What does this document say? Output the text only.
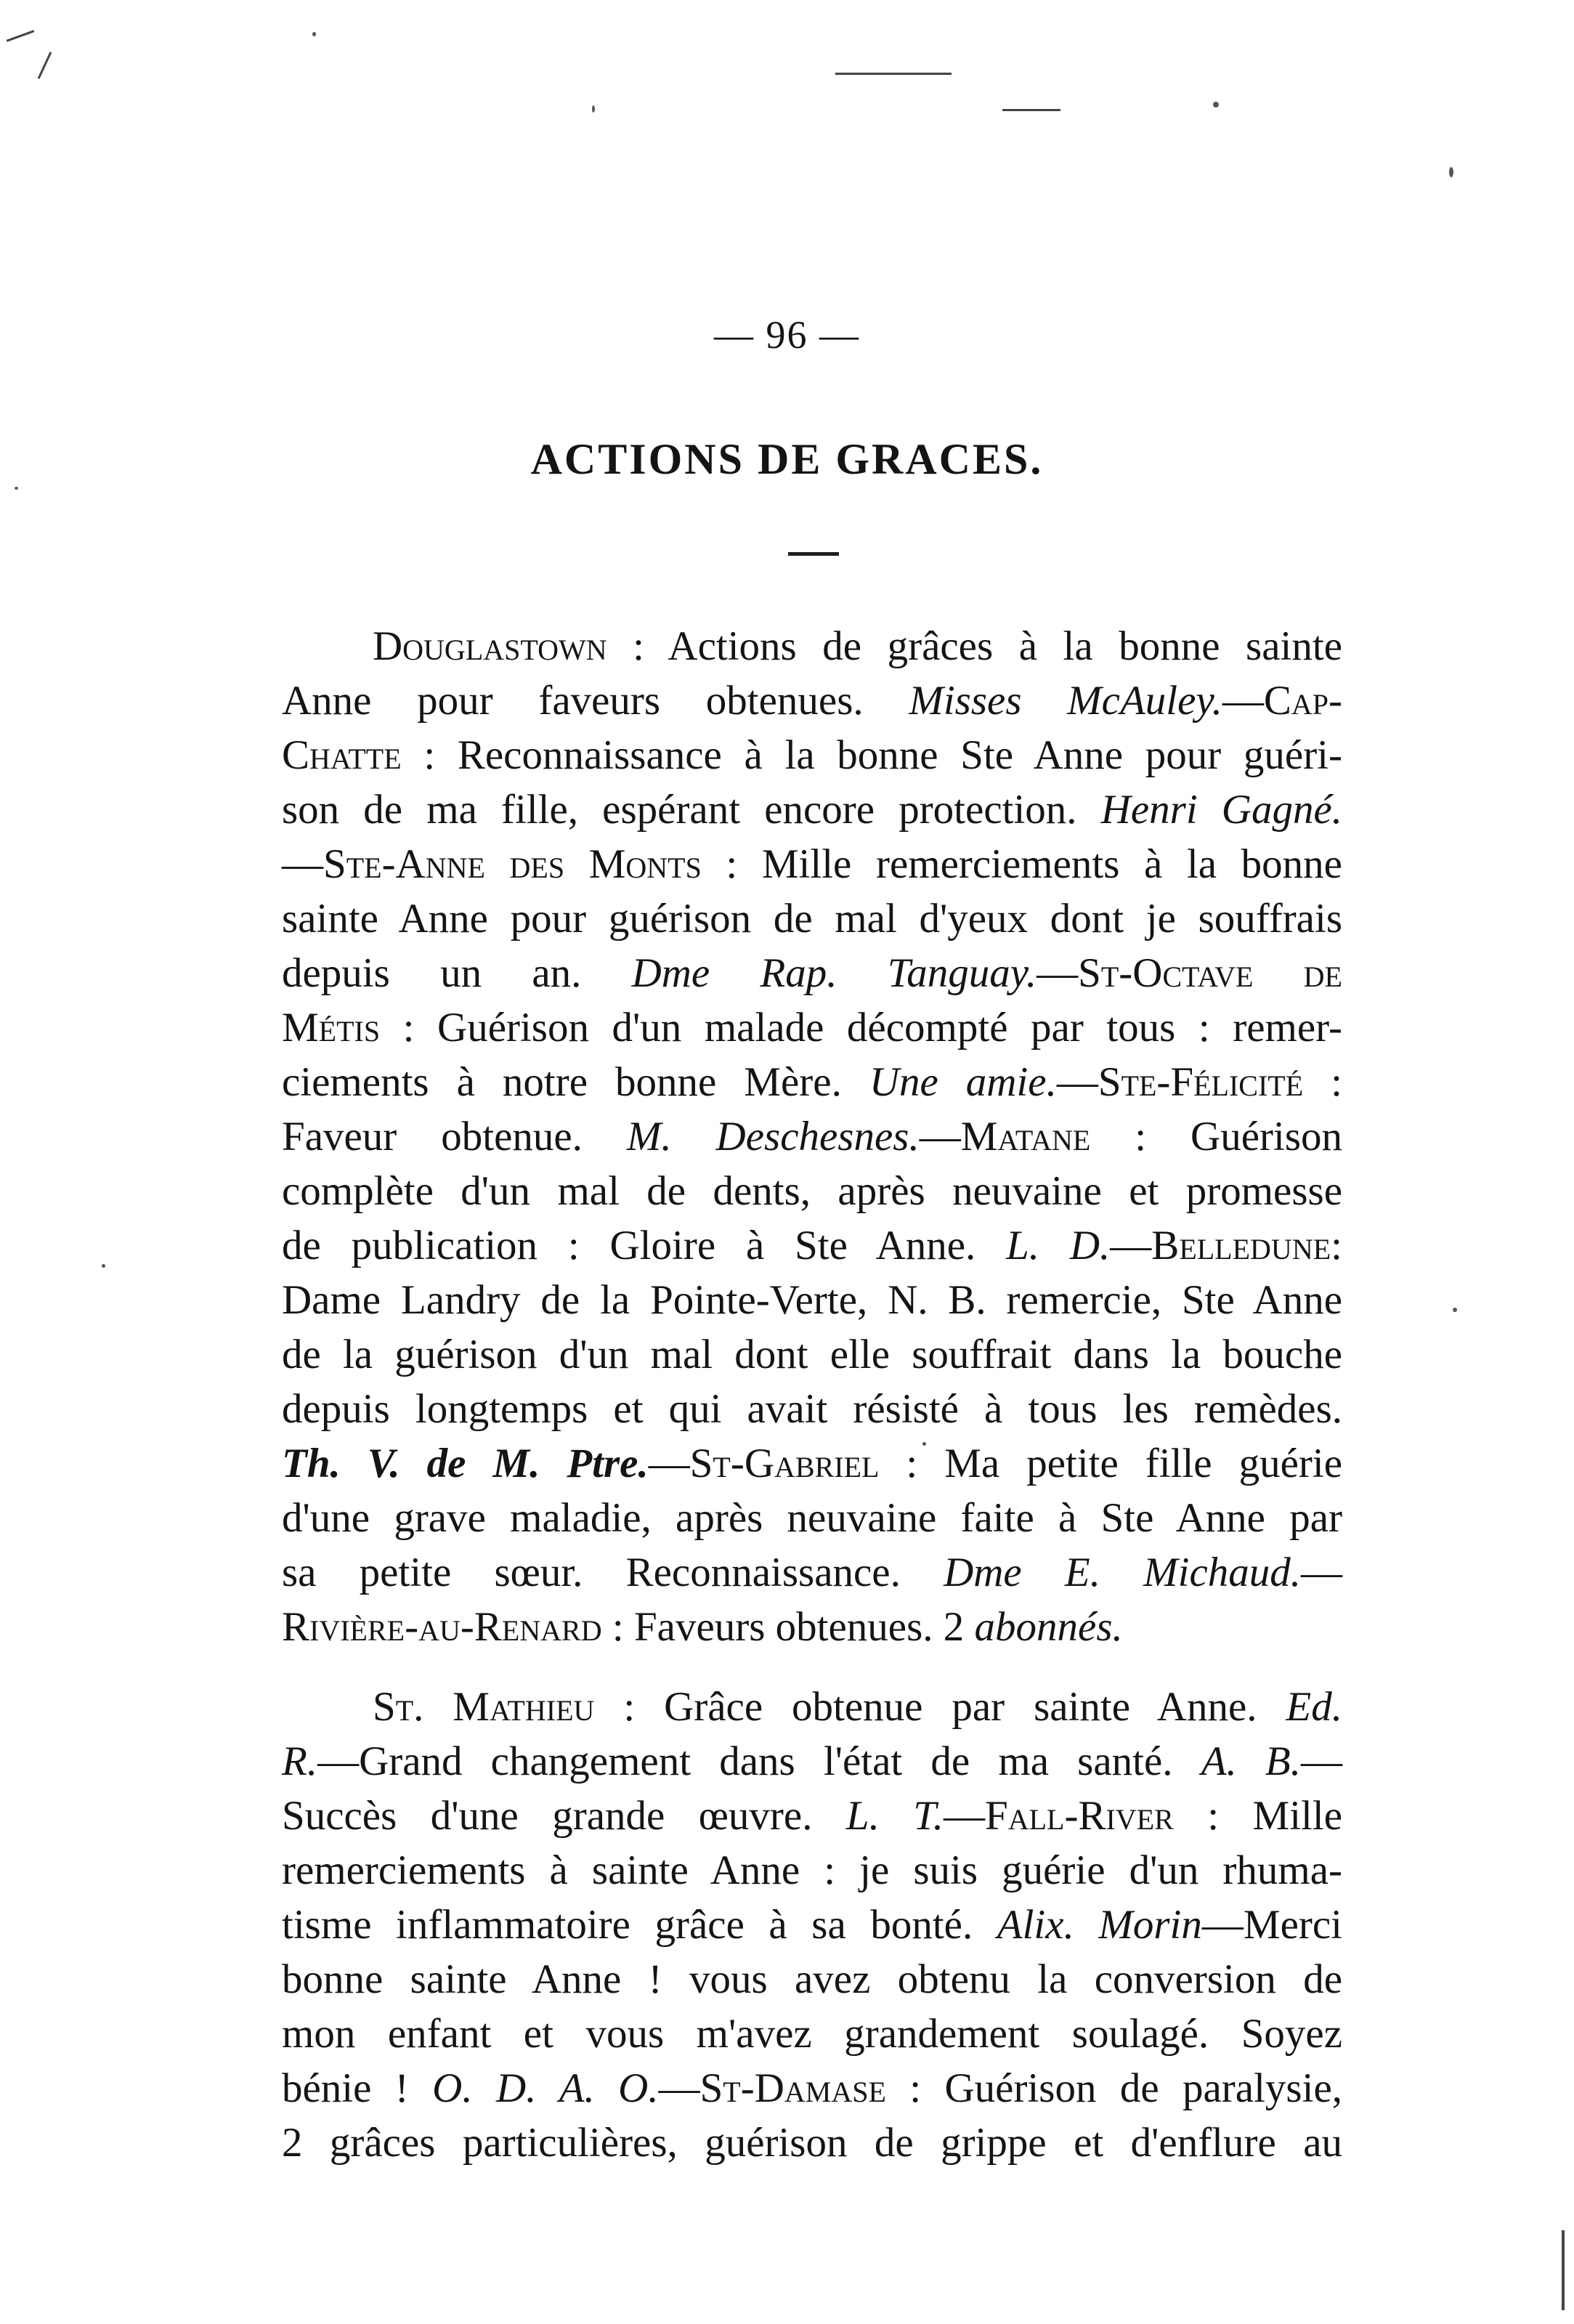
— 96 —
ACTIONS DE GRACES.
Douglastown : Actions de grâces à la bonne sainte
Anne pour faveurs obtenues. Misses McAuley.—Cap-
Chatte : Reconnaissance à la bonne Ste Anne pour guéri-
son de ma fille, espérant encore protection. Henri Gagné.
—Ste-Anne des Monts : Mille remerciements à la bonne
sainte Anne pour guérison de mal d'yeux dont je souffrais
depuis un an. Dme Rap. Tanguay.—St-Octave de
Métis : Guérison d'un malade décompté par tous : remer-
ciements à notre bonne Mère. Une amie.—Ste-Félicité :
Faveur obtenue. M. Deschesnes.—Matane : Guérison
complète d'un mal de dents, après neuvaine et promesse
de publication : Gloire à Ste Anne. L. D.—Belledune:
Dame Landry de la Pointe-Verte, N. B. remercie, Ste Anne
de la guérison d'un mal dont elle souffrait dans la bouche
depuis longtemps et qui avait résisté à tous les remèdes.
Th. V. de M. Ptre.—St-Gabriel : Ma petite fille guérie
d'une grave maladie, après neuvaine faite à Ste Anne par
sa petite sœur. Reconnaissance. Dme E. Michaud.—
Rivière-au-Renard : Faveurs obtenues. 2 abonnés.
St. Mathieu : Grâce obtenue par sainte Anne. Ed.
R.—Grand changement dans l'état de ma santé. A. B.—
Succès d'une grande œuvre. L. T.—Fall-River : Mille
remerciements à sainte Anne : je suis guérie d'un rhuma-
tisme inflammatoire grâce à sa bonté. Alix. Morin—Merci
bonne sainte Anne ! vous avez obtenu la conversion de
mon enfant et vous m'avez grandement soulagé. Soyez
bénie ! O. D. A. O.—St-Damase : Guérison de paralysie,
2 grâces particulières, guérison de grippe et d'enflure au
